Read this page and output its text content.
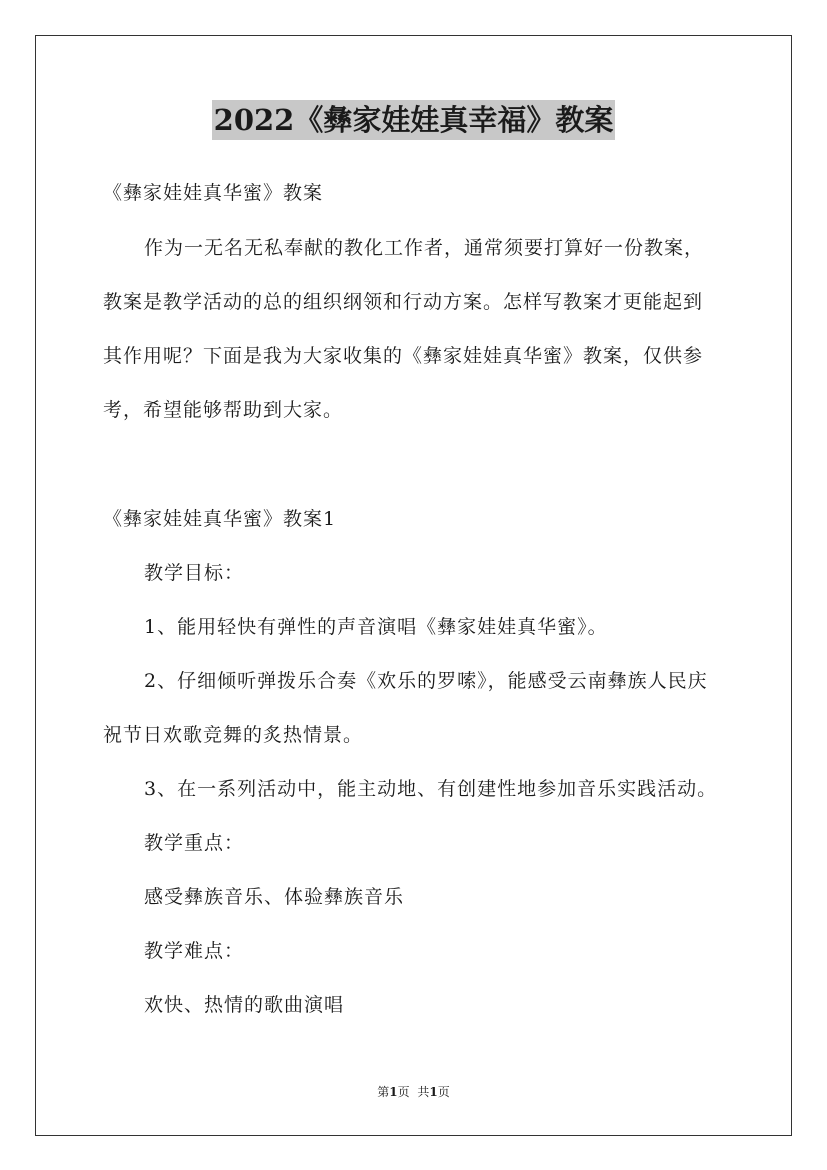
2022《彝家娃娃真幸福》教案
《彝家娃娃真华蜜》教案
作为一无名无私奉献的教化工作者，通常须要打算好一份教案，
教案是教学活动的总的组织纲领和行动方案。怎样写教案才更能起到
其作用呢？下面是我为大家收集的《彝家娃娃真华蜜》教案，仅供参
考，希望能够帮助到大家。
《彝家娃娃真华蜜》教案1
教学目标：
1、能用轻快有弹性的声音演唱《彝家娃娃真华蜜》。
2、仔细倾听弹拨乐合奏《欢乐的罗嗦》，能感受云南彝族人民庆
祝节日欢歌竞舞的炙热情景。
3、在一系列活动中，能主动地、有创建性地参加音乐实践活动。
教学重点：
感受彝族音乐、体验彝族音乐
教学难点：
欢快、热情的歌曲演唱
第1页 共1页
